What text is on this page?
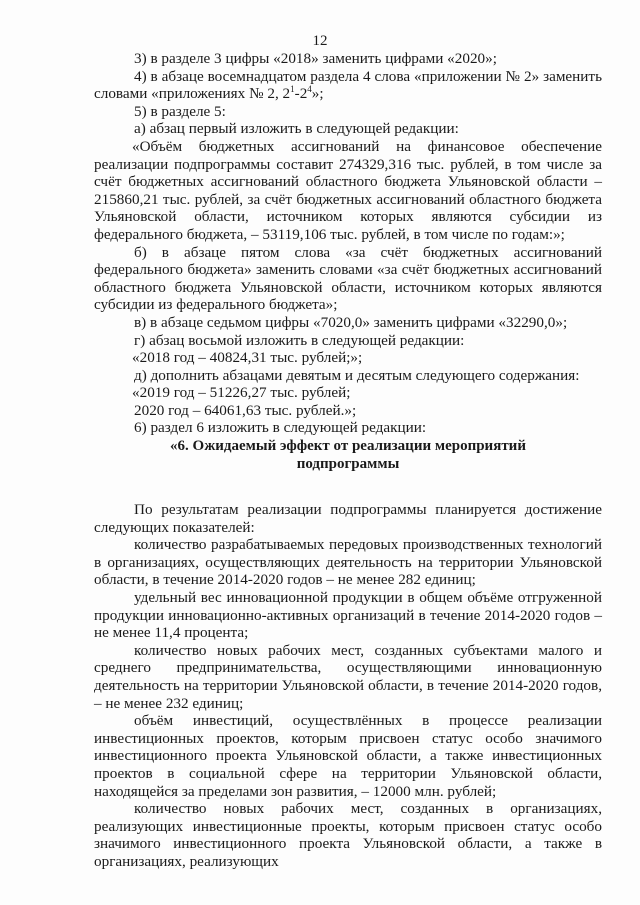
12

3) в разделе 3 цифры «2018» заменить цифрами «2020»;

4) в абзаце восемнадцатом раздела 4 слова «приложении № 2» заменить словами «приложениях № 2, $2^1-2^4$»;

5) в разделе 5:

а) абзац первый изложить в следующей редакции:

«Объём бюджетных ассигнований на финансовое обеспечение реализации подпрограммы составит 274329,316 тыс. рублей, в том числе за счёт бюджетных ассигнований областного бюджета Ульяновской области – 215860,21 тыс. рублей, за счёт бюджетных ассигнований областного бюджета Ульяновской области, источником которых являются субсидии из федерального бюджета, – 53119,106 тыс. рублей, в том числе по годам:»;

б) в абзаце пятом слова «за счёт бюджетных ассигнований федерального бюджета» заменить словами «за счёт бюджетных ассигнований областного бюджета Ульяновской области, источником которых являются субсидии из федерального бюджета»;

в) в абзаце седьмом цифры «7020,0» заменить цифрами «32290,0»;

г) абзац восьмой изложить в следующей редакции:

«2018 год – 40824,31 тыс. рублей;»;

д) дополнить абзацами девятым и десятым следующего содержания:

«2019 год – 51226,27 тыс. рублей;

2020 год – 64061,63 тыс. рублей.»;

6) раздел 6 изложить в следующей редакции:

«6. Ожидаемый эффект от реализации мероприятий

подпрограммы

По результатам реализации подпрограммы планируется достижение следующих показателей:

количество разрабатываемых передовых производственных технологий в организациях, осуществляющих деятельность на территории Ульяновской области, в течение 2014-2020 годов – не менее 282 единиц;

удельный вес инновационной продукции в общем объёме отгруженной продукции инновационно-активных организаций в течение 2014-2020 годов – не менее 11,4 процента;

количество новых рабочих мест, созданных субъектами малого и среднего предпринимательства, осуществляющими инновационную деятельность на территории Ульяновской области, в течение 2014-2020 годов, – не менее 232 единиц;

объём инвестиций, осуществлённых в процессе реализации инвестиционных проектов, которым присвоен статус особо значимого инвестиционного проекта Ульяновской области, а также инвестиционных проектов в социальной сфере на территории Ульяновской области, находящейся за пределами зон развития, – 12000 млн. рублей;

количество новых рабочих мест, созданных в организациях, реализующих инвестиционные проекты, которым присвоен статус особо значимого инвестиционного проекта Ульяновской области, а также в организациях, реализующих
